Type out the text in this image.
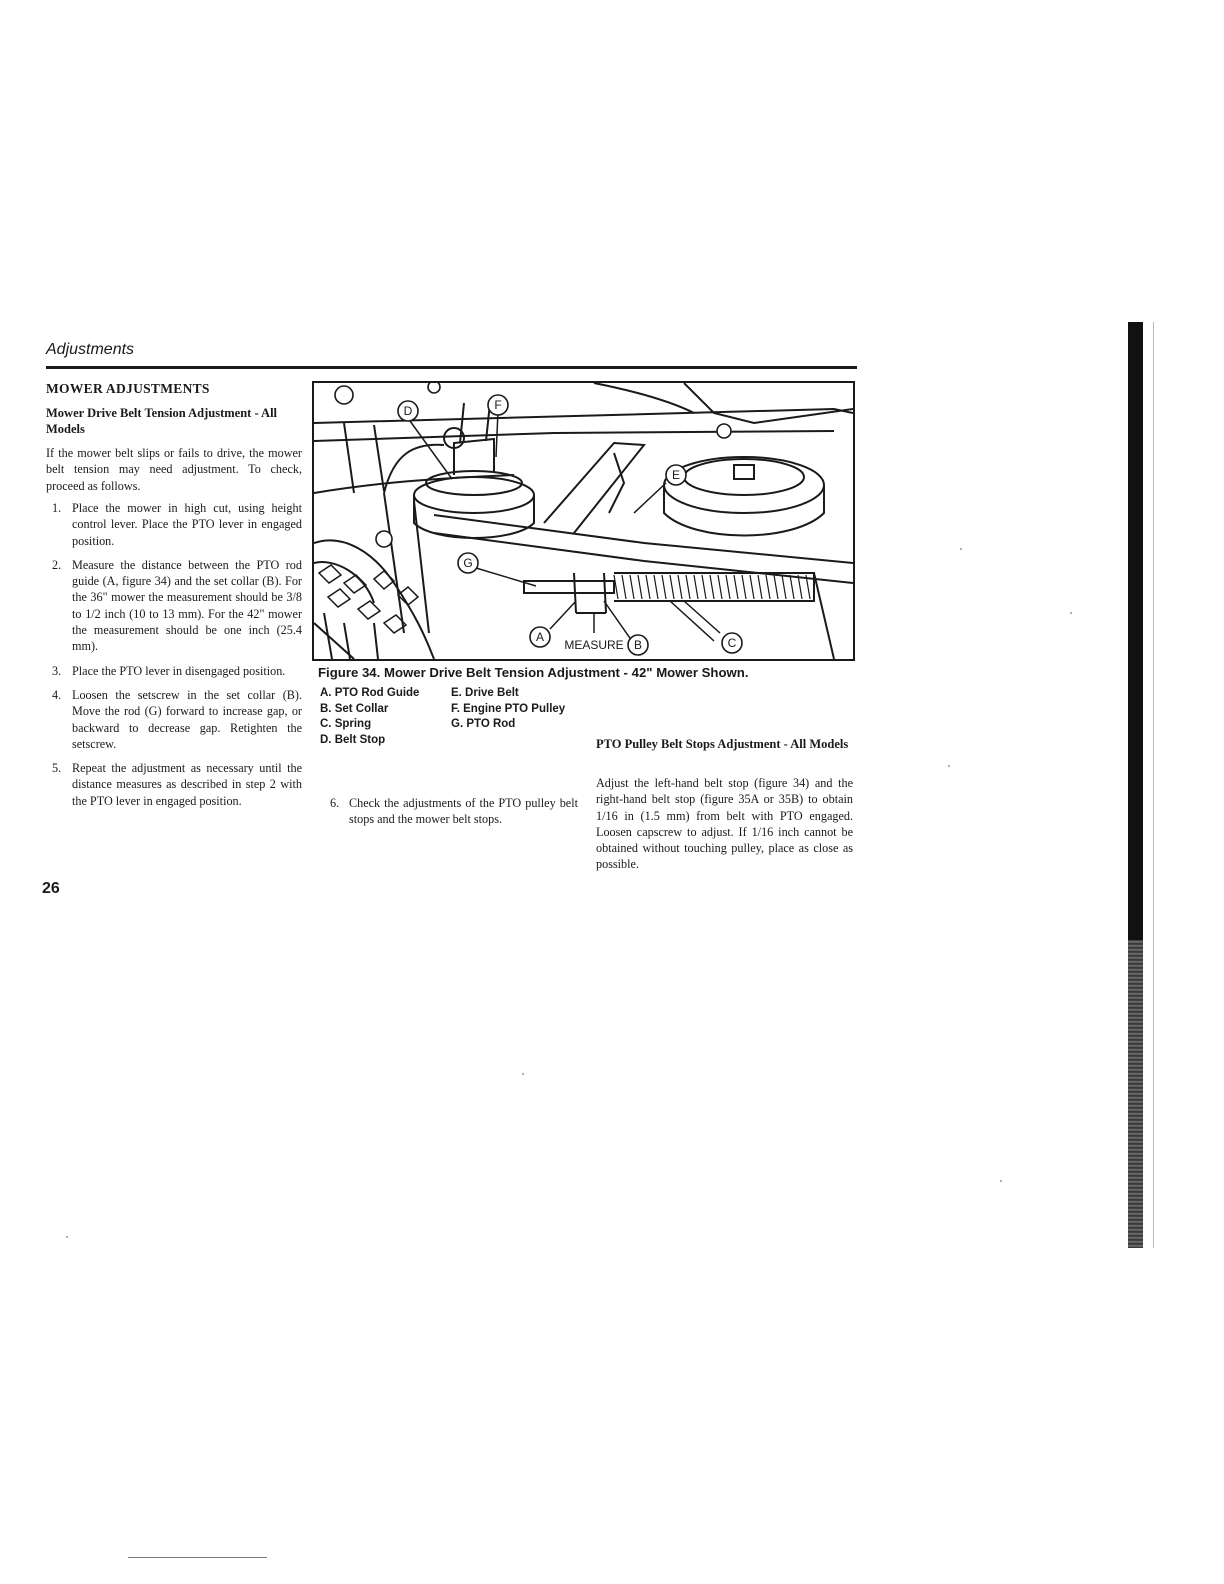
Adjustments
MOWER ADJUSTMENTS
Mower Drive Belt Tension Adjustment - All Models
If the mower belt slips or fails to drive, the mower belt tension may need adjustment. To check, proceed as follows.
1. Place the mower in high cut, using height control lever. Place the PTO lever in engaged position.
2. Measure the distance between the PTO rod guide (A, figure 34) and the set collar (B). For the 36" mower the measurement should be 3/8 to 1/2 inch (10 to 13 mm). For the 42" mower the measurement should be one inch (25.4 mm).
3. Place the PTO lever in disengaged position.
4. Loosen the setscrew in the set collar (B). Move the rod (G) forward to increase gap, or backward to decrease gap. Retighten the setscrew.
5. Repeat the adjustment as necessary until the distance measures as described in step 2 with the PTO lever in engaged position.
A
B	C
D
E
F
G
MEASURE
Figure 34. Mower Drive Belt Tension Adjustment - 42" Mower Shown.
A. PTO Rod Guide	E. Drive Belt
B. Set Collar	F. Engine PTO Pulley
C. Spring	G. PTO Rod
D. Belt Stop
6. Check the adjustments of the PTO pulley belt stops and the mower belt stops.
PTO Pulley Belt Stops Adjustment - All Models
Adjust the left-hand belt stop (figure 34) and the right-hand belt stop (figure 35A or 35B) to obtain 1/16 in (1.5 mm) from belt with PTO engaged. Loosen capscrew to adjust. If 1/16 inch cannot be obtained without touching pulley, place as close as possible.
26
